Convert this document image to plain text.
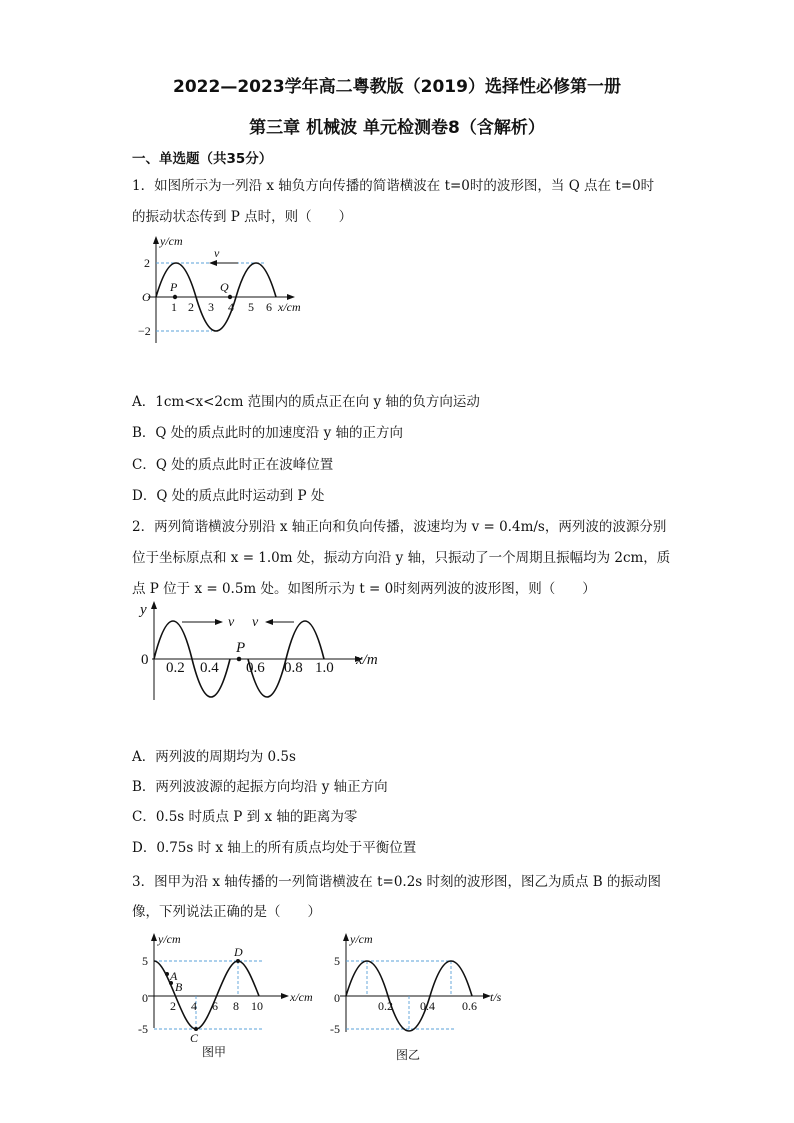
2022—2023学年高二粤教版（2019）选择性必修第一册
第三章 机械波 单元检测卷8（含解析）
一、单选题（共35分）
1．如图所示为一列沿 x 轴负方向传播的简谐横波在 t=0时的波形图，当 Q 点在 t=0时
的振动状态传到 P 点时，则（　　）
v
y/cm
x/cm
O
2
−2
1 2 3 4 5 6
P	Q
A．1cm<x<2cm 范围内的质点正在向 y 轴的负方向运动
B．Q 处的质点此时的加速度沿 y 轴的正方向
C．Q 处的质点此时正在波峰位置
D．Q 处的质点此时运动到 P 处
2．两列简谐横波分别沿 x 轴正向和负向传播，波速均为 v = 0.4m/s，两列波的波源分别
位于坐标原点和 x = 1.0m 处，振动方向沿 y 轴，只振动了一个周期且振幅均为 2cm，质
点 P 位于 x = 0.5m 处。如图所示为 t = 0时刻两列波的波形图，则（　　）
v v
y
x/m
0 0.2 0.4 0.6 0.8 1.0
P
A．两列波的周期均为 0.5s
B．两列波波源的起振方向均沿 y 轴正方向
C．0.5s 时质点 P 到 x 轴的距离为零
D．0.75s 时 x 轴上的所有质点均处于平衡位置
3．图甲为沿 x 轴传播的一列简谐横波在 t=0.2s 时刻的波形图，图乙为质点 B 的振动图
像，下列说法正确的是（　　）
A
B
C
D
y/cm
x/cm
0
5
-5
2 4 6 8 10
图甲
y/cm
t/s
0
5
-5
0.2 0.4 0.6
图乙
